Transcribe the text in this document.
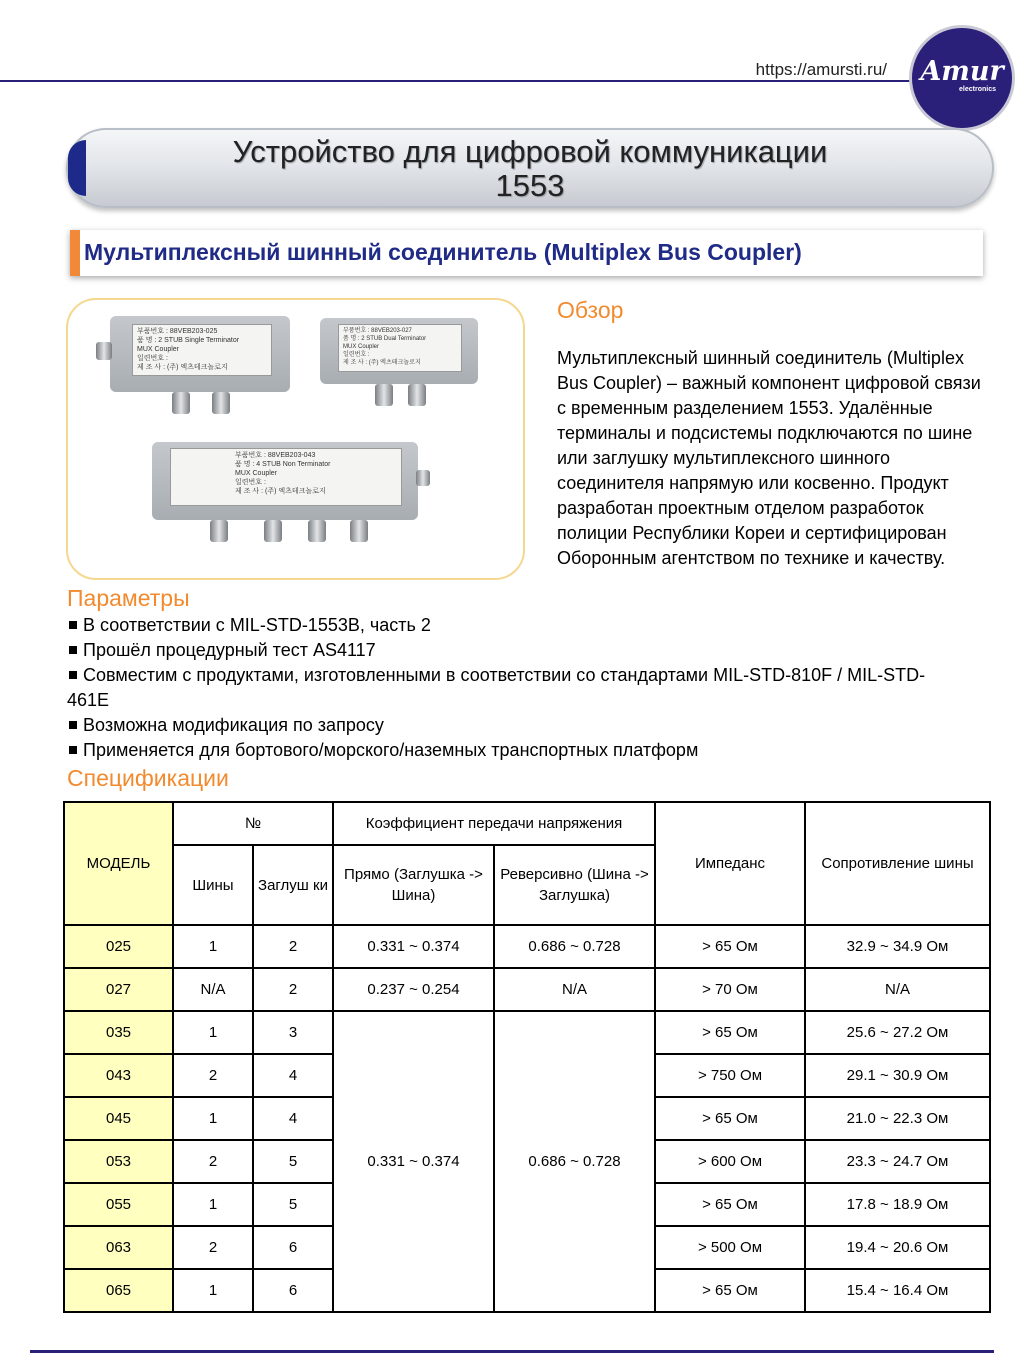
https://amursti.ru/	Amur
electronics
Устройство для цифровой коммуникации
1553
Мультиплексный шинный соединитель (Multiplex Bus Coupler)
부품번호 : 88VEB203-025
품 명 : 2 STUB Single Terminator
MUX Coupler
일련번호 :
제 조 사 : (주) 엑츠테크놀로지
부품번호 : 88VEB203-027
품 명 : 2 STUB Dual Terminator
MUX Coupler
일련번호 :
제 조 사 : (주) 엑츠테크놀로지
부품번호 : 88VEB203-043
품 명 : 4 STUB Non Terminator
MUX Coupler
일련번호 :
제 조 사 : (주) 엑츠테크놀로지
Обзор
Мультиплексный шинный соединитель (Multiplex Bus Coupler) – важный компонент цифровой связи с временным разделением 1553. Удалённые терминалы и подсистемы подключаются по шине или заглушку мультиплексного шинного соединителя напрямую или косвенно. Продукт разработан проектным отделом разработок полиции Республики Кореи и сертифицирован Оборонным агентством по технике и качеству.
Параметры
В соответствии с MIL-STD-1553B, часть 2
Прошёл процедурный тест AS4117
Совместим с продуктами, изготовленными в соответствии со стандартами MIL-STD-810F / MIL-STD-461E
Возможна модификация по запросу
Применяется для бортового/морского/наземных транспортных платформ
Спецификации
МОДЕЛЬ	№		Коэффициент передачи напряжения		Импеданс	Сопротивление шины
	Шины	Заглуш ки	Прямо (Заглушка -> Шина)	Реверсивно (Шина -> Заглушка)		
025	1	2	0.331 ~ 0.374	0.686 ~ 0.728	> 65 Ом	32.9 ~ 34.9 Ом
027	N/A	2	0.237 ~ 0.254	N/A	> 70 Ом	N/A
035	1	3	0.331 ~ 0.374	0.686 ~ 0.728	> 65 Ом	25.6 ~ 27.2 Ом
043	2	4			> 750 Ом	29.1 ~ 30.9 Ом
045	1	4			> 65 Ом	21.0 ~ 22.3 Ом
053	2	5			> 600 Ом	23.3 ~ 24.7 Ом
055	1	5			> 65 Ом	17.8 ~ 18.9 Ом
063	2	6			> 500 Ом	19.4 ~ 20.6 Ом
065	1	6			> 65 Ом	15.4 ~ 16.4 Ом
